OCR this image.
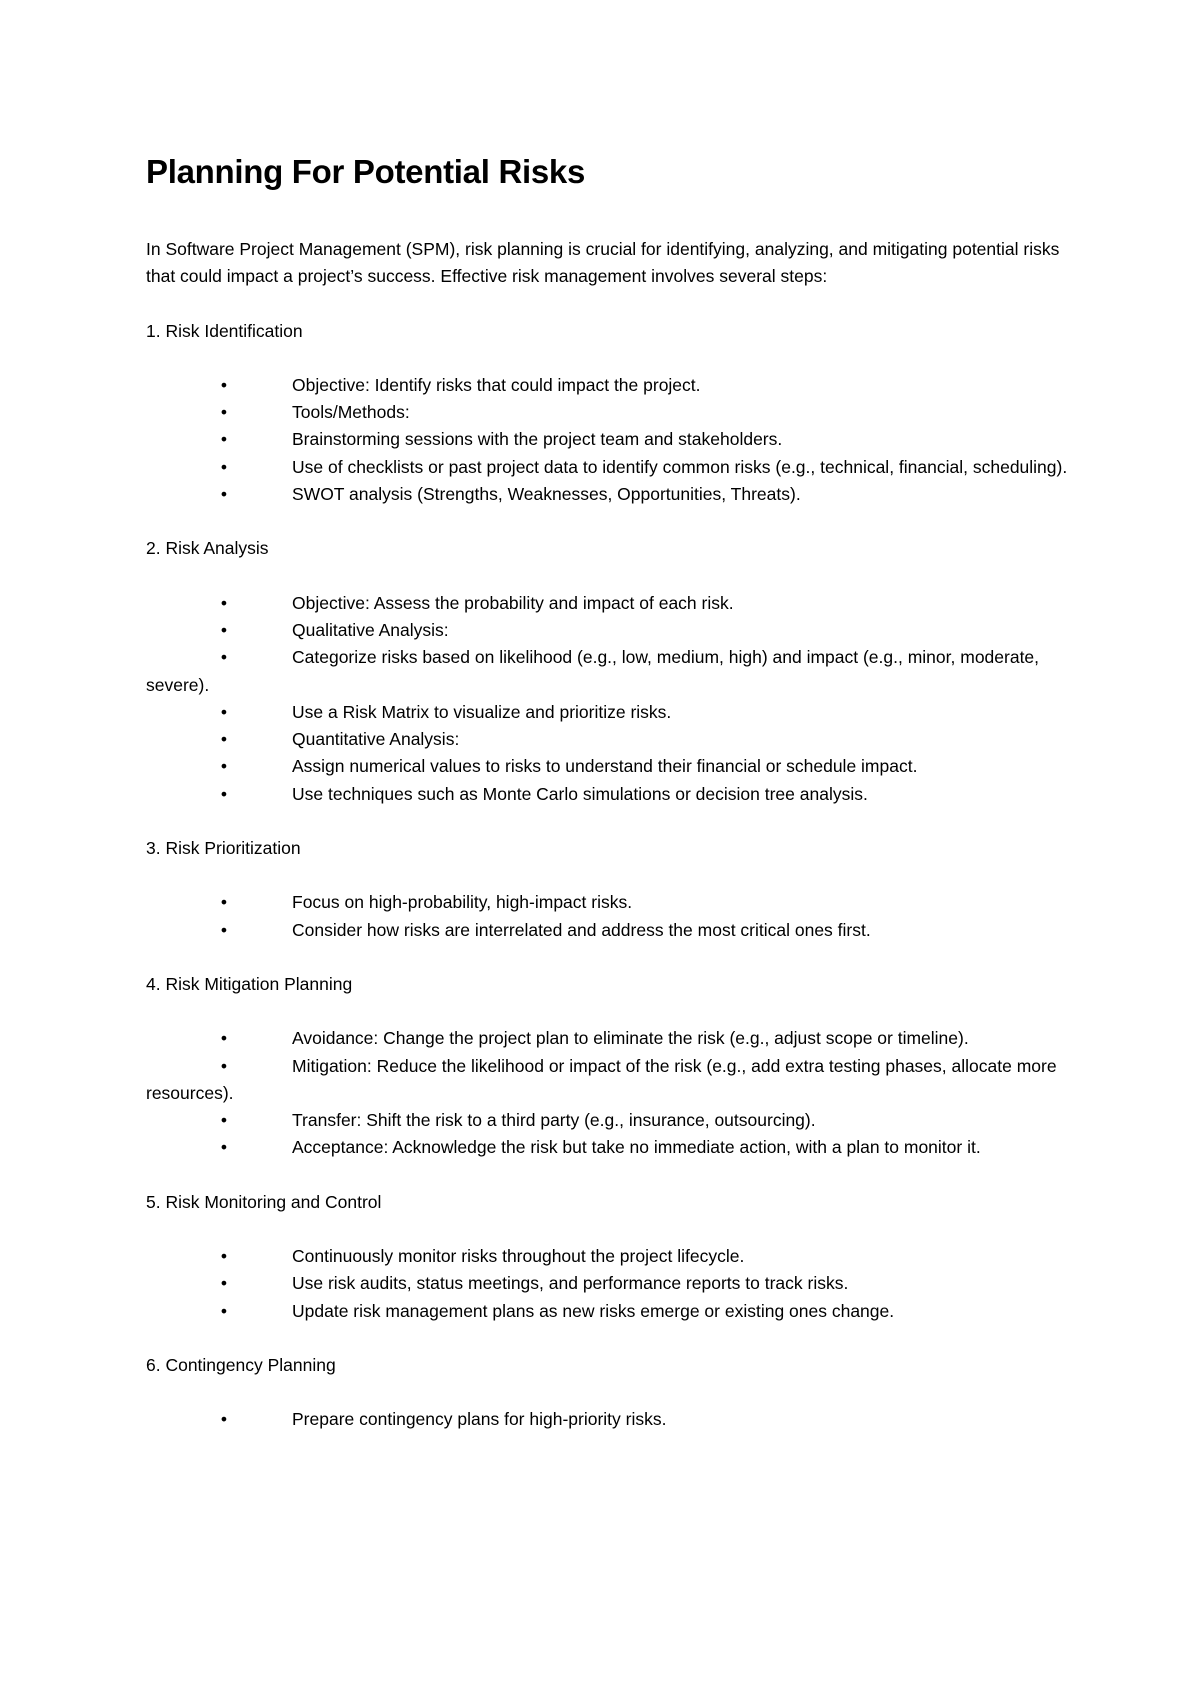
Planning For Potential Risks

In Software Project Management (SPM), risk planning is crucial for identifying, analyzing, and mitigating potential risks that could impact a project’s success. Effective risk management involves several steps:

1. Risk Identification

•	Objective: Identify risks that could impact the project.
•	Tools/Methods:
•	Brainstorming sessions with the project team and stakeholders.
•	Use of checklists or past project data to identify common risks (e.g., technical, financial, scheduling).
•	SWOT analysis (Strengths, Weaknesses, Opportunities, Threats).

2. Risk Analysis

•	Objective: Assess the probability and impact of each risk.
•	Qualitative Analysis:
•	Categorize risks based on likelihood (e.g., low, medium, high) and impact (e.g., minor, moderate, severe).
•	Use a Risk Matrix to visualize and prioritize risks.
•	Quantitative Analysis:
•	Assign numerical values to risks to understand their financial or schedule impact.
•	Use techniques such as Monte Carlo simulations or decision tree analysis.

3. Risk Prioritization

•	Focus on high-probability, high-impact risks.
•	Consider how risks are interrelated and address the most critical ones first.

4. Risk Mitigation Planning

•	Avoidance: Change the project plan to eliminate the risk (e.g., adjust scope or timeline).
•	Mitigation: Reduce the likelihood or impact of the risk (e.g., add extra testing phases, allocate more resources).
•	Transfer: Shift the risk to a third party (e.g., insurance, outsourcing).
•	Acceptance: Acknowledge the risk but take no immediate action, with a plan to monitor it.

5. Risk Monitoring and Control

•	Continuously monitor risks throughout the project lifecycle.
•	Use risk audits, status meetings, and performance reports to track risks.
•	Update risk management plans as new risks emerge or existing ones change.

6. Contingency Planning

•	Prepare contingency plans for high-priority risks.
